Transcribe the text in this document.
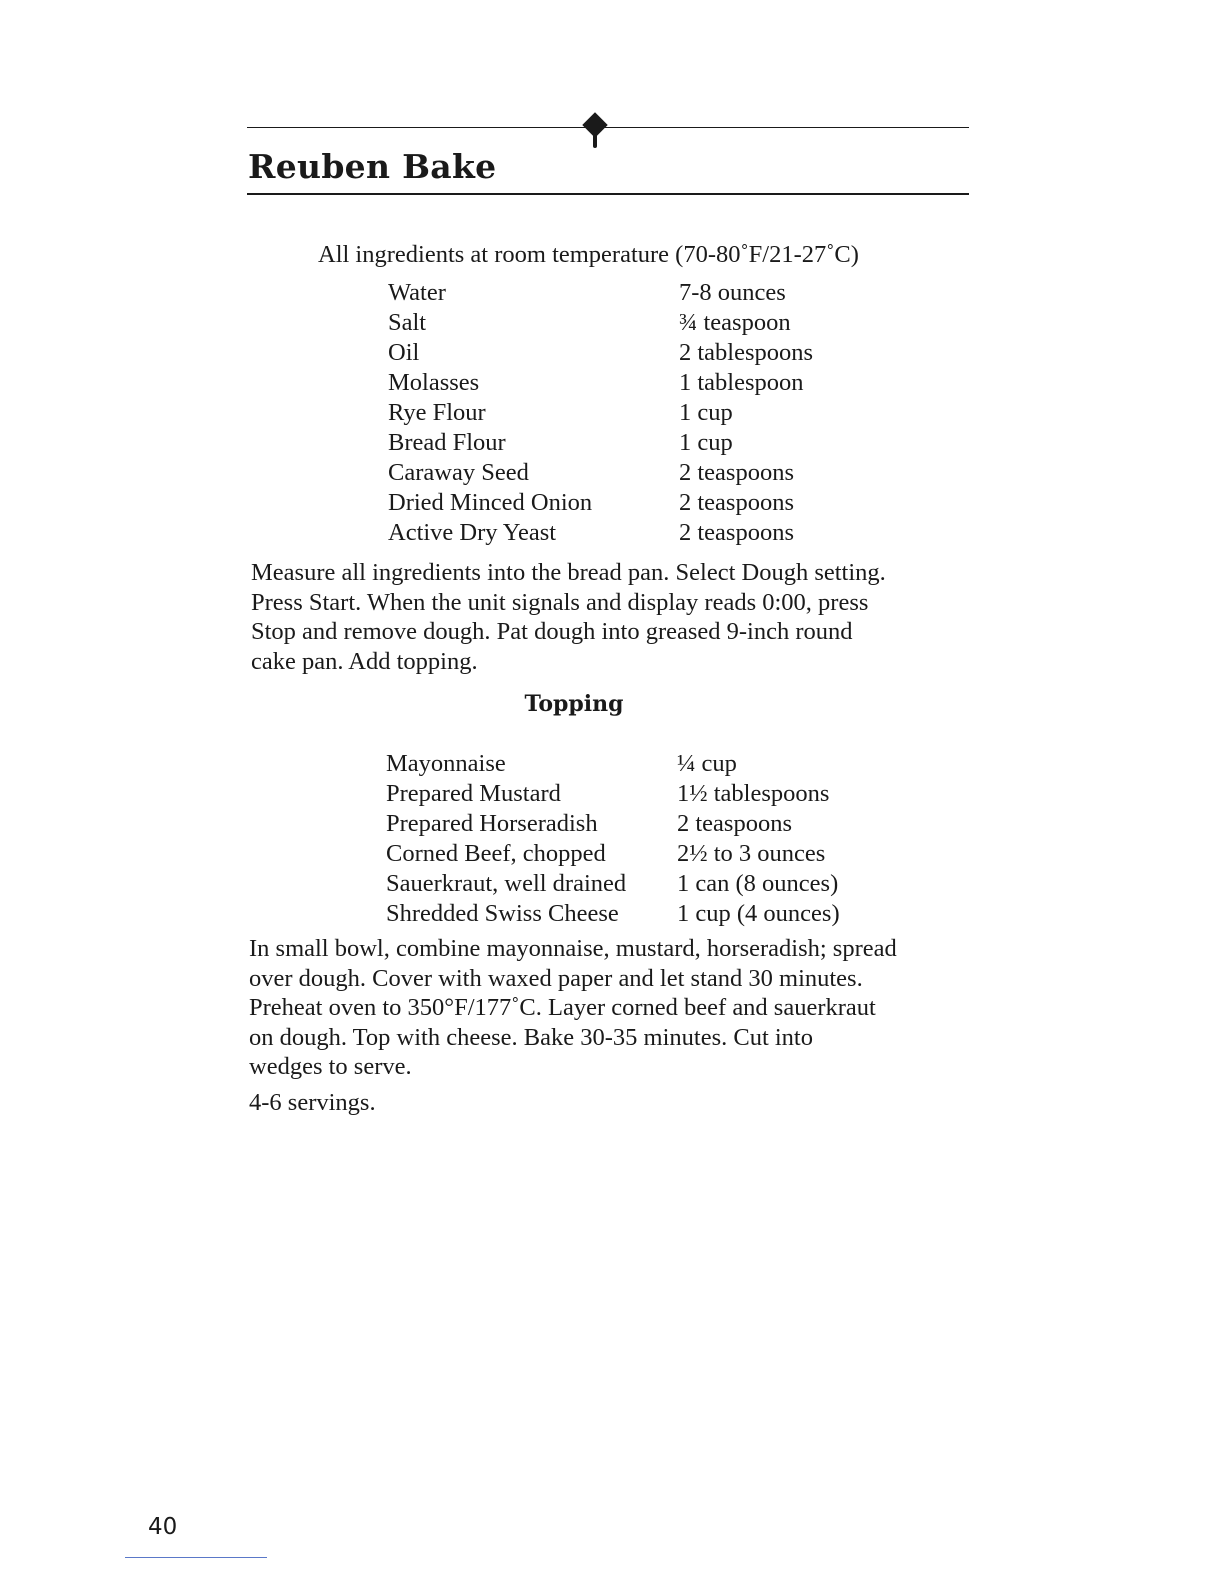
Reuben Bake

All ingredients at room temperature (70-80˚F/21-27˚C)

Water	7-8 ounces
Salt	¾ teaspoon
Oil	2 tablespoons
Molasses	1 tablespoon
Rye Flour	1 cup
Bread Flour	1 cup
Caraway Seed	2 teaspoons
Dried Minced Onion	2 teaspoons
Active Dry Yeast	2 teaspoons

Measure all ingredients into the bread pan. Select Dough setting.
Press Start. When the unit signals and display reads 0:00, press
Stop and remove dough. Pat dough into greased 9-inch round
cake pan. Add topping.

Topping
Mayonnaise	¼ cup
Prepared Mustard	1½ tablespoons
Prepared Horseradish	2 teaspoons
Corned Beef, chopped	2½ to 3 ounces
Sauerkraut, well drained	1 can (8 ounces)
Shredded Swiss Cheese	1 cup (4 ounces)

In small bowl, combine mayonnaise, mustard, horseradish; spread
over dough. Cover with waxed paper and let stand 30 minutes.
Preheat oven to 350°F/177˚C. Layer corned beef and sauerkraut
on dough. Top with cheese. Bake 30-35 minutes. Cut into
wedges to serve.

4-6 servings.

40
